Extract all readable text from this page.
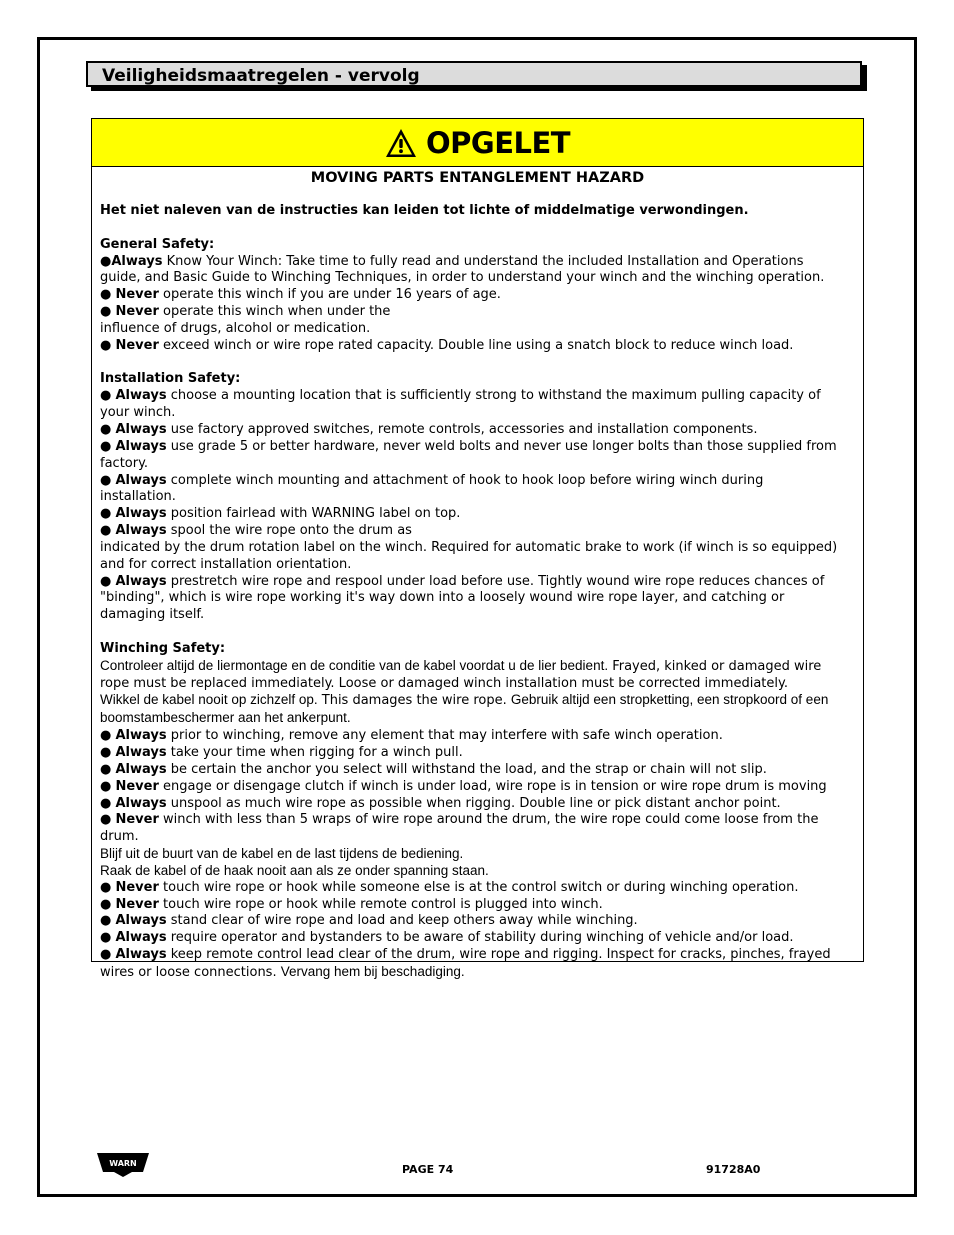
Veiligheidsmaatregelen - vervolg
OPGELET
MOVING PARTS ENTANGLEMENT HAZARD

Het niet naleven van de instructies kan leiden tot lichte of middelmatige verwondingen.

General Safety:

●Always Know Your Winch: Take time to fully read and understand the included Installation and Operations guide, and Basic Guide to Winching Techniques, in order to understand your winch and the winching operation.

● Never operate this winch if you are under 16 years of age.

● Never operate this winch when under the

influence of drugs, alcohol or medication.

● Never exceed winch or wire rope rated capacity. Double line using a snatch block to reduce winch load.

Installation Safety:

● Always choose a mounting location that is sufficiently strong to withstand the maximum pulling capacity of your winch.

● Always use factory approved switches, remote controls, accessories and installation components.

● Always use grade 5 or better hardware, never weld bolts and never use longer bolts than those supplied from factory.

● Always complete winch mounting and attachment of hook to hook loop before wiring winch during installation.

● Always position fairlead with WARNING label on top.

● Always spool the wire rope onto the drum as

indicated by the drum rotation label on the winch. Required for automatic brake to work (if winch is so equipped) and for correct installation orientation.

● Always prestretch wire rope and respool under load before use. Tightly wound wire rope reduces chances of "binding", which is wire rope working it's way down into a loosely wound wire rope layer, and catching or damaging itself.

Winching Safety:

Controleer altijd de liermontage en de conditie van de kabel voordat u de lier bedient. Frayed, kinked or damaged wire rope must be replaced immediately. Loose or damaged winch installation must be corrected immediately.

Wikkel de kabel nooit op zichzelf op. This damages the wire rope. Gebruik altijd een stropketting, een stropkoord of een boomstambeschermer aan het ankerpunt.

● Always prior to winching, remove any element that may interfere with safe winch operation.

● Always take your time when rigging for a winch pull.

● Always be certain the anchor you select will withstand the load, and the strap or chain will not slip.

● Never engage or disengage clutch if winch is under load, wire rope is in tension or wire rope drum is moving

● Always unspool as much wire rope as possible when rigging. Double line or pick distant anchor point.

● Never winch with less than 5 wraps of wire rope around the drum, the wire rope could come loose from the drum.

Blijf uit de buurt van de kabel en de last tijdens de bediening.

Raak de kabel of de haak nooit aan als ze onder spanning staan.

● Never touch wire rope or hook while someone else is at the control switch or during winching operation.

● Never touch wire rope or hook while remote control is plugged into winch.

● Always stand clear of wire rope and load and keep others away while winching.

● Always require operator and bystanders to be aware of stability during winching of vehicle and/or load.

● Always keep remote control lead clear of the drum, wire rope and rigging. Inspect for cracks, pinches, frayed wires or loose connections. Vervang hem bij beschadiging.

WARN	PAGE 74	91728A0
